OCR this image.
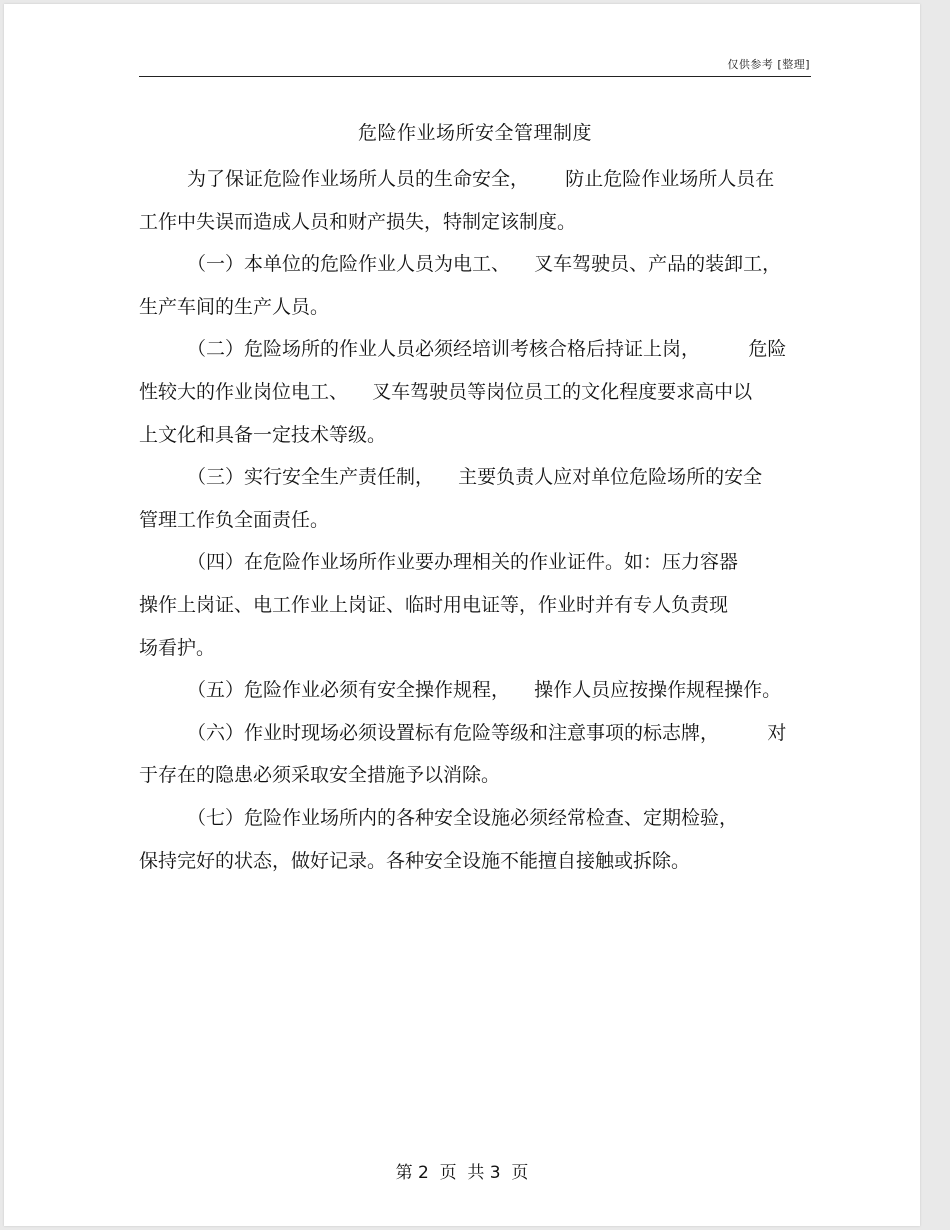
仅供参考 [整理]
危险作业场所安全管理制度
为了保证危险作业场所人员的生命安全，      防止危险作业场所人员在
工作中失误而造成人员和财产损失，特制定该制度。
（一）本单位的危险作业人员为电工、    叉车驾驶员、产品的装卸工，
生产车间的生产人员。
（二）危险场所的作业人员必须经培训考核合格后持证上岗，        危险
性较大的作业岗位电工、    叉车驾驶员等岗位员工的文化程度要求高中以
上文化和具备一定技术等级。
（三）实行安全生产责任制，    主要负责人应对单位危险场所的安全
管理工作负全面责任。
（四）在危险作业场所作业要办理相关的作业证件。如：压力容器
操作上岗证、电工作业上岗证、临时用电证等，作业时并有专人负责现
场看护。
（五）危险作业必须有安全操作规程，    操作人员应按操作规程操作。
（六）作业时现场必须设置标有危险等级和注意事项的标志牌，        对
于存在的隐患必须采取安全措施予以消除。
（七）危险作业场所内的各种安全设施必须经常检查、定期检验，
保持完好的状态，做好记录。各种安全设施不能擅自接触或拆除。
第 2  页  共 3  页
